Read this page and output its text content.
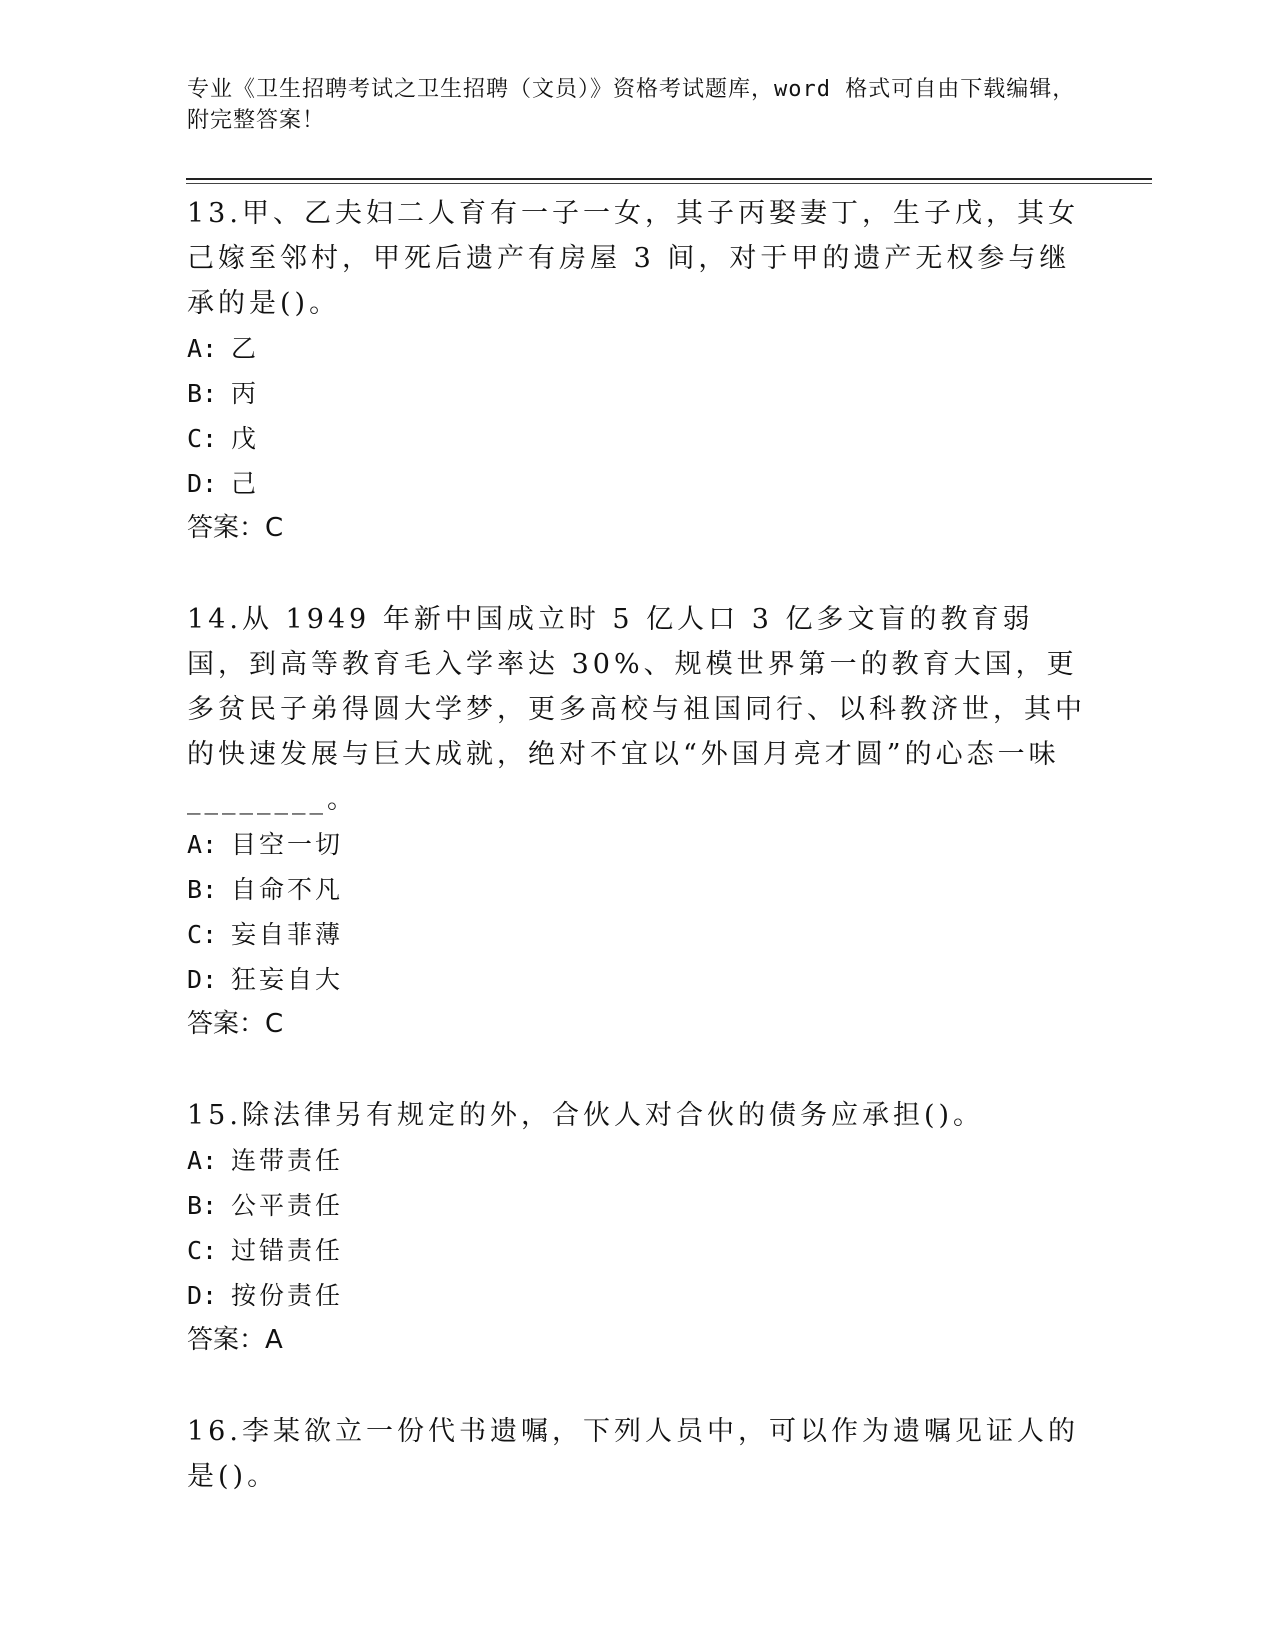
专业《卫生招聘考试之卫生招聘（文员）》资格考试题库，word 格式可自由下载编辑，附完整答案！

13.甲、乙夫妇二人育有一子一女，其子丙娶妻丁，生子戊，其女己嫁至邻村，甲死后遗产有房屋 3 间，对于甲的遗产无权参与继承的是()。

A: 乙

B: 丙

C: 戊

D: 己

答案：C

14.从 1949 年新中国成立时 5 亿人口 3 亿多文盲的教育弱国，到高等教育毛入学率达 30%、规模世界第一的教育大国，更多贫民子弟得圆大学梦，更多高校与祖国同行、以科教济世，其中的快速发展与巨大成就，绝对不宜以“外国月亮才圆”的心态一味________。

A: 目空一切

B: 自命不凡

C: 妄自菲薄

D: 狂妄自大

答案：C

15.除法律另有规定的外，合伙人对合伙的债务应承担()。

A: 连带责任

B: 公平责任

C: 过错责任

D: 按份责任

答案：A

16.李某欲立一份代书遗嘱，下列人员中，可以作为遗嘱见证人的是()。
